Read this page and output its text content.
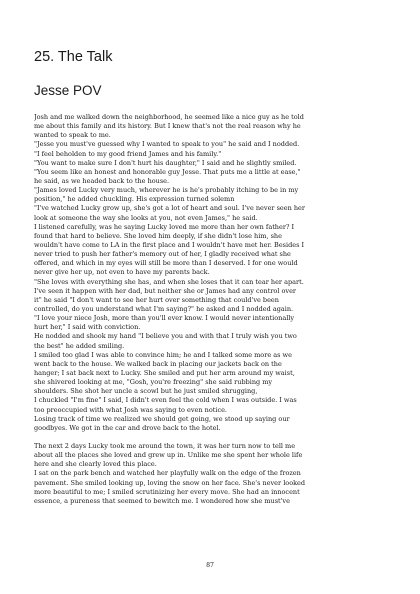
25. The Talk
Jesse POV
Josh and me walked down the neighborhood, he seemed like a nice guy as he told
me about this family and its history. But I knew that's not the real reason why he
wanted to speak to me.
"Jesse you must've guessed why I wanted to speak to you" he said and I nodded.
"I feel beholden to my good friend James and his family."
"You want to make sure I don't hurt his daughter," I said and he slightly smiled.
"You seem like an honest and honorable guy Jesse. That puts me a little at ease,"
he said, as we headed back to the house.
"James loved Lucky very much, wherever he is he's probably itching to be in my
position," he added chuckling. His expression turned solemn
"I've watched Lucky grow up, she's got a lot of heart and soul. I've never seen her
look at someone the way she looks at you, not even James," he said.
I listened carefully, was he saying Lucky loved me more than her own father? I
found that hard to believe. She loved him deeply, if she didn't lose him, she
wouldn't have come to LA in the first place and I wouldn't have met her. Besides I
never tried to push her father's memory out of her, I gladly received what she
offered, and which in my eyes will still be more than I deserved. I for one would
never give her up, not even to have my parents back.
"She loves with everything she has, and when she loses that it can tear her apart.
I've seen it happen with her dad, but neither she or James had any control over
it" he said "I don't want to see her hurt over something that could've been
controlled, do you understand what I'm saying?" he asked and I nodded again.
"I love your niece Josh, more than you'll ever know. I would never intentionally
hurt her," I said with conviction.
He nodded and shook my hand "I believe you and with that I truly wish you two
the best" he added smiling.
I smiled too glad I was able to convince him; he and I talked some more as we
went back to the house. We walked back in placing our jackets back on the
hanger; I sat back next to Lucky. She smiled and put her arm around my waist,
she shivered looking at me, "Gosh, you're freezing" she said rubbing my
shoulders. She shot her uncle a scowl but he just smiled shrugging,
I chuckled "I'm fine" I said, I didn't even feel the cold when I was outside. I was
too preoccupied with what Josh was saying to even notice.
Losing track of time we realized we should get going, we stood up saying our
goodbyes. We got in the car and drove back to the hotel.
The next 2 days Lucky took me around the town, it was her turn now to tell me
about all the places she loved and grew up in. Unlike me she spent her whole life
here and she clearly loved this place.
I sat on the park bench and watched her playfully walk on the edge of the frozen
pavement. She smiled looking up, loving the snow on her face. She's never looked
more beautiful to me; I smiled scrutinizing her every move. She had an innocent
essence, a pureness that seemed to bewitch me. I wondered how she must've
87
